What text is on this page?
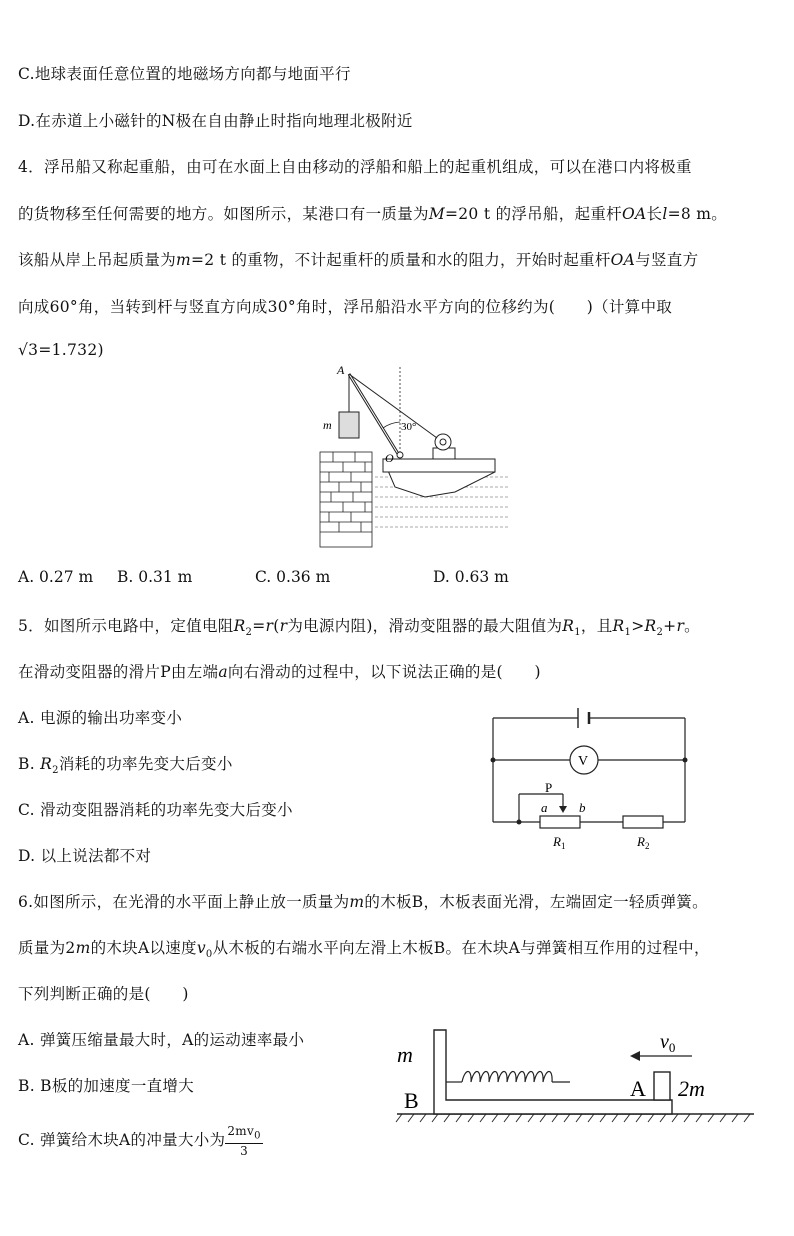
C.地球表面任意位置的地磁场方向都与地面平行
D.在赤道上小磁针的N极在自由静止时指向地理北极附近
4．浮吊船又称起重船，由可在水面上自由移动的浮船和船上的起重机组成，可以在港口内将极重
的货物移至任何需要的地方。如图所示，某港口有一质量为M=20 t 的浮吊船，起重杆OA长l=8 m。
该船从岸上吊起质量为m=2 t 的重物，不计起重杆的质量和水的阻力，开始时起重杆OA与竖直方
向成60°角，当转到杆与竖直方向成30°角时，浮吊船沿水平方向的位移约为(　　)（计算中取
√3=1.732)
A
m	30°
O
A. 0.27 m B. 0.31 m	C. 0.36 m	D. 0.63 m
5．如图所示电路中，定值电阻$R_2=r(r$为电源内阻)，滑动变阻器的最大阻值为$R_1$，且$R_1>R_2+r$。
在滑动变阻器的滑片P由左端a向右滑动的过程中，以下说法正确的是(　　)
A. 电源的输出功率变小
B. $R_2$消耗的功率先变大后变小
C. 滑动变阻器消耗的功率先变大后变小
D. 以上说法都不对
V
P
a b
$R_1$	$R_2$
6.如图所示，在光滑的水平面上静止放一质量为m的木板B，木板表面光滑，左端固定一轻质弹簧。
质量为2m的木块A以速度$v_0$从木板的右端水平向左滑上木板B。在木块A与弹簧相互作用的过程中，
下列判断正确的是(　　)
A. 弹簧压缩量最大时，A的运动速率最小
B. B板的加速度一直增大
C. 弹簧给木块A的冲量大小为 $\frac{2mv_0}{3}$
m
B	A 2m
$v_0$
